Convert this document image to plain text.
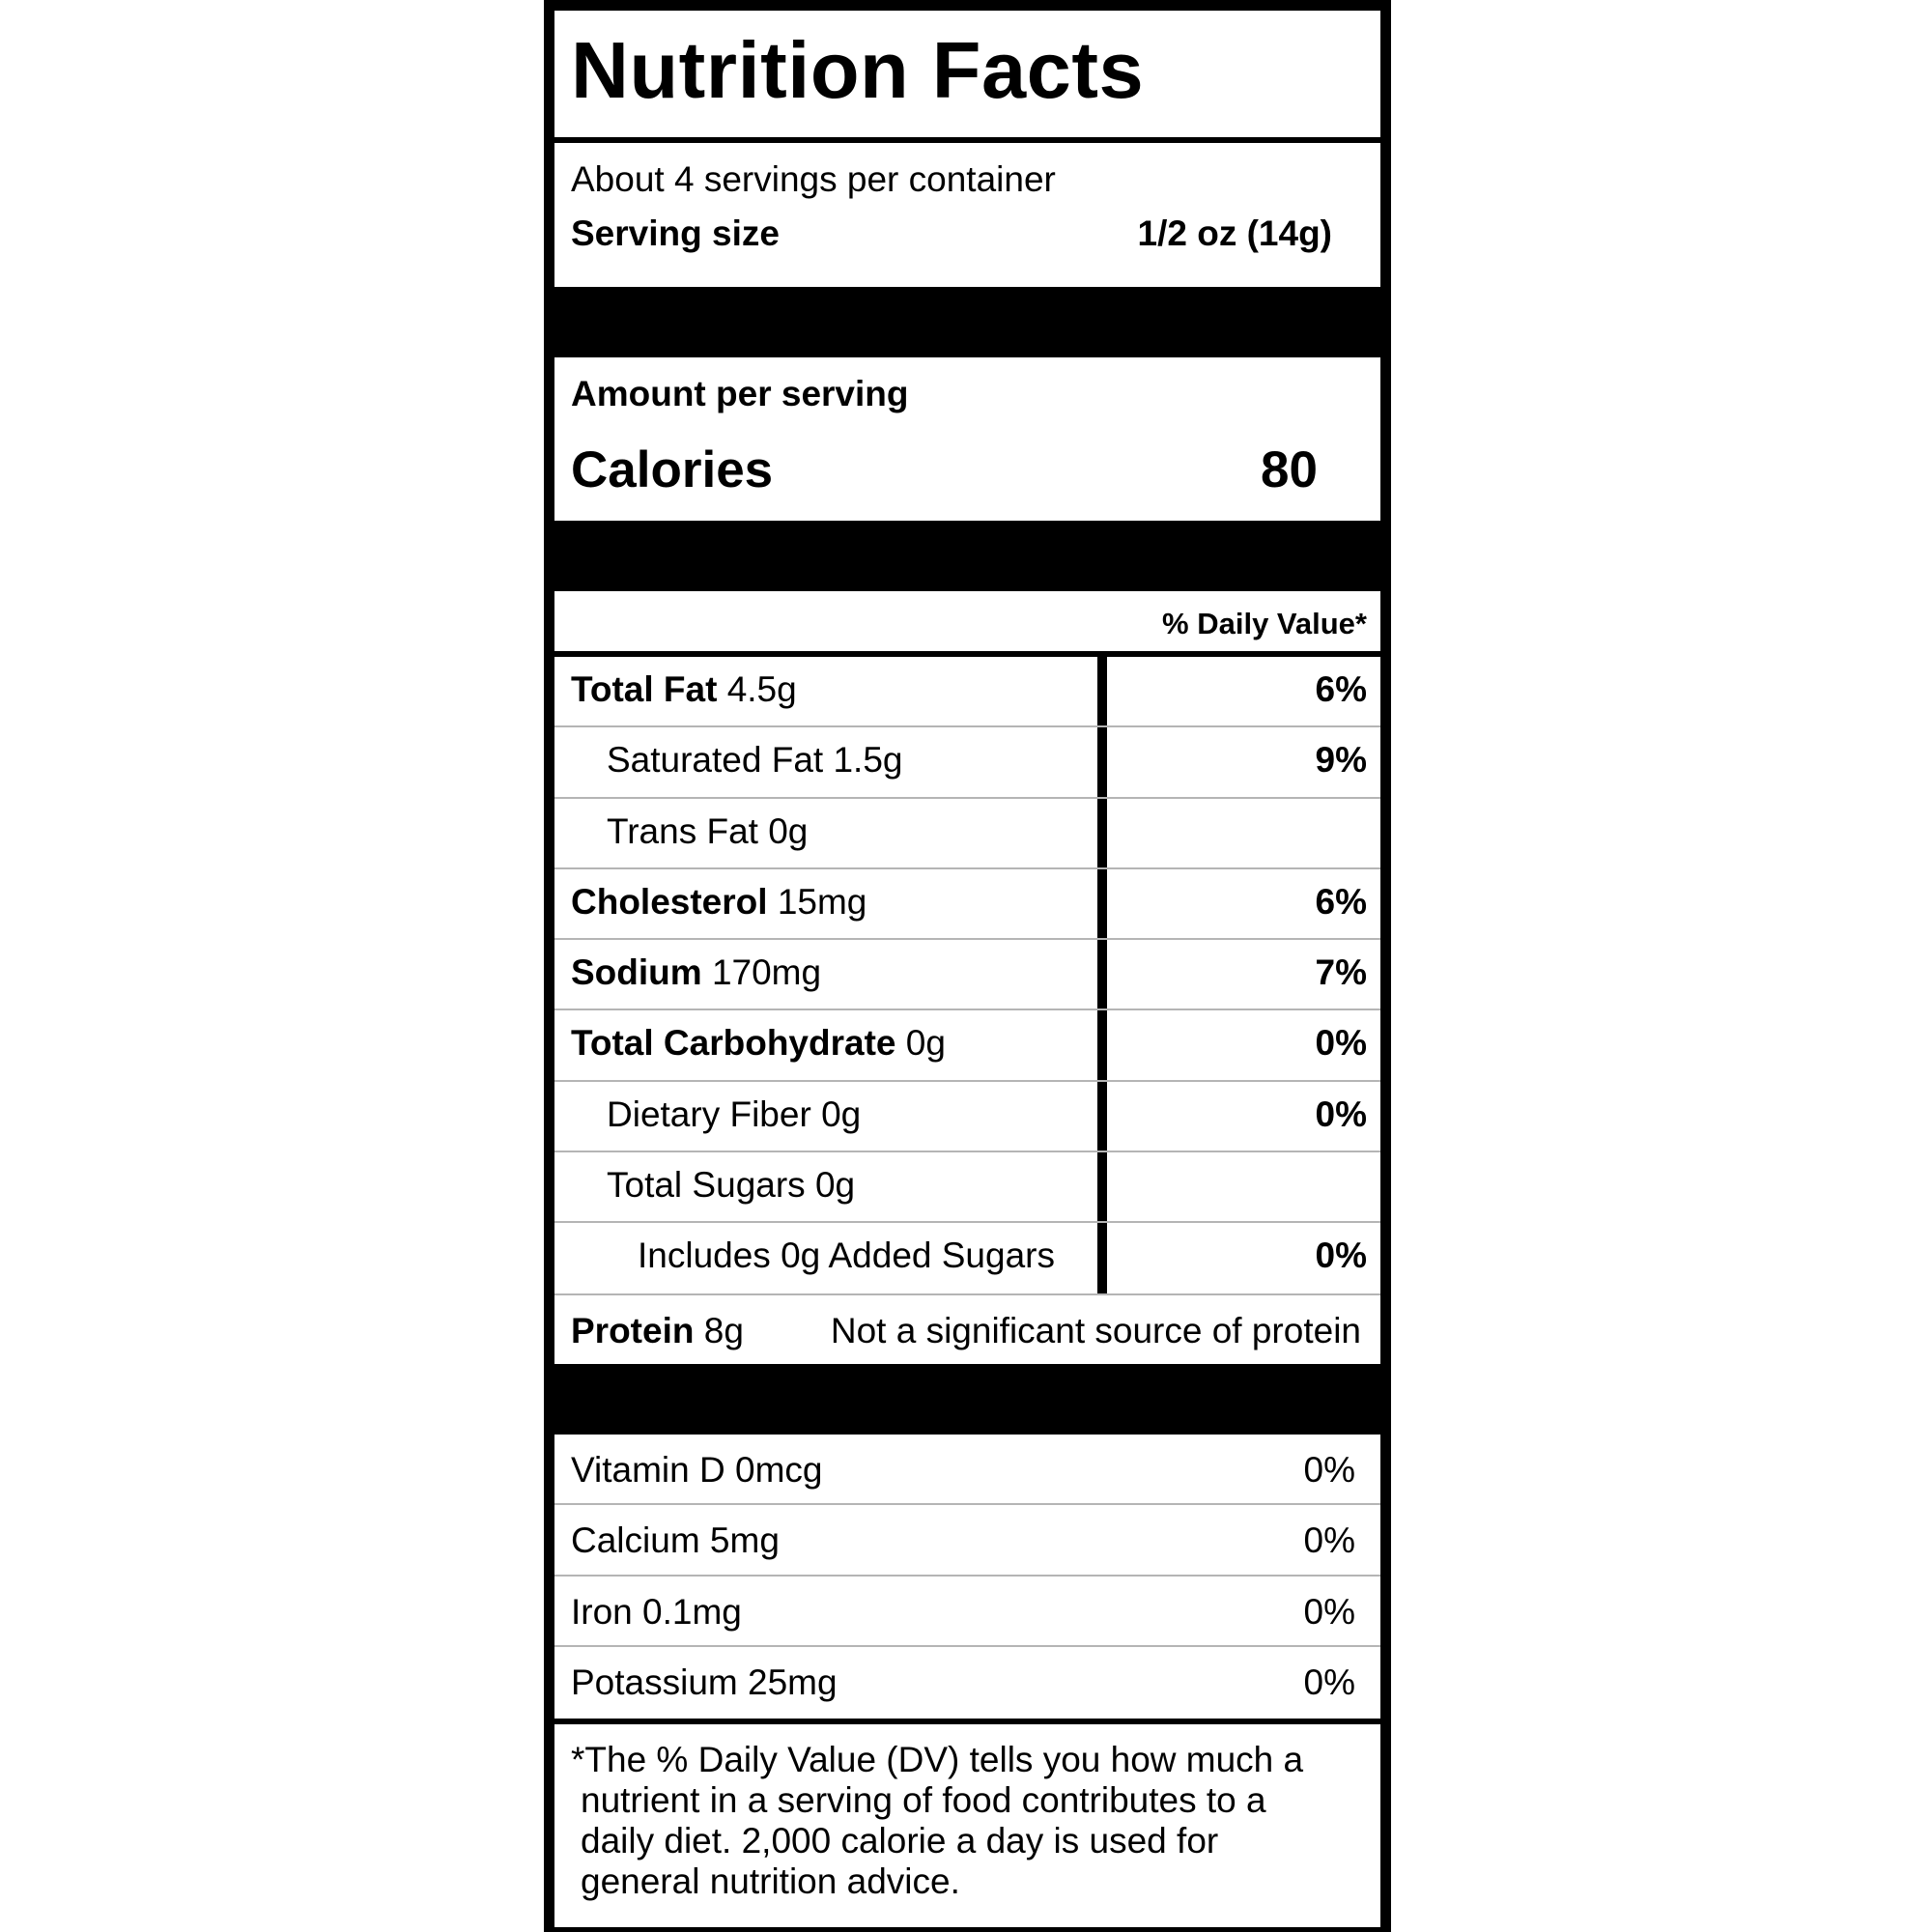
Nutrition Facts
About 4 servings per container
Serving size	1/2 oz (14g)
Amount per serving
Calories	80
% Daily Value*
Total Fat 4.5g	6%
Saturated Fat 1.5g	9%
Trans Fat 0g
Cholesterol 15mg	6%
Sodium 170mg	7%
Total Carbohydrate 0g	0%
Dietary Fiber 0g	0%
Total Sugars 0g
Includes 0g Added Sugars	0%
Protein 8g Not a significant source of protein
Vitamin D 0mcg	0%
Calcium 5mg	0%
Iron 0.1mg	0%
Potassium 25mg	0%
*The % Daily Value (DV) tells you how much a
nutrient in a serving of food contributes to a
daily diet. 2,000 calorie a day is used for
general nutrition advice.
